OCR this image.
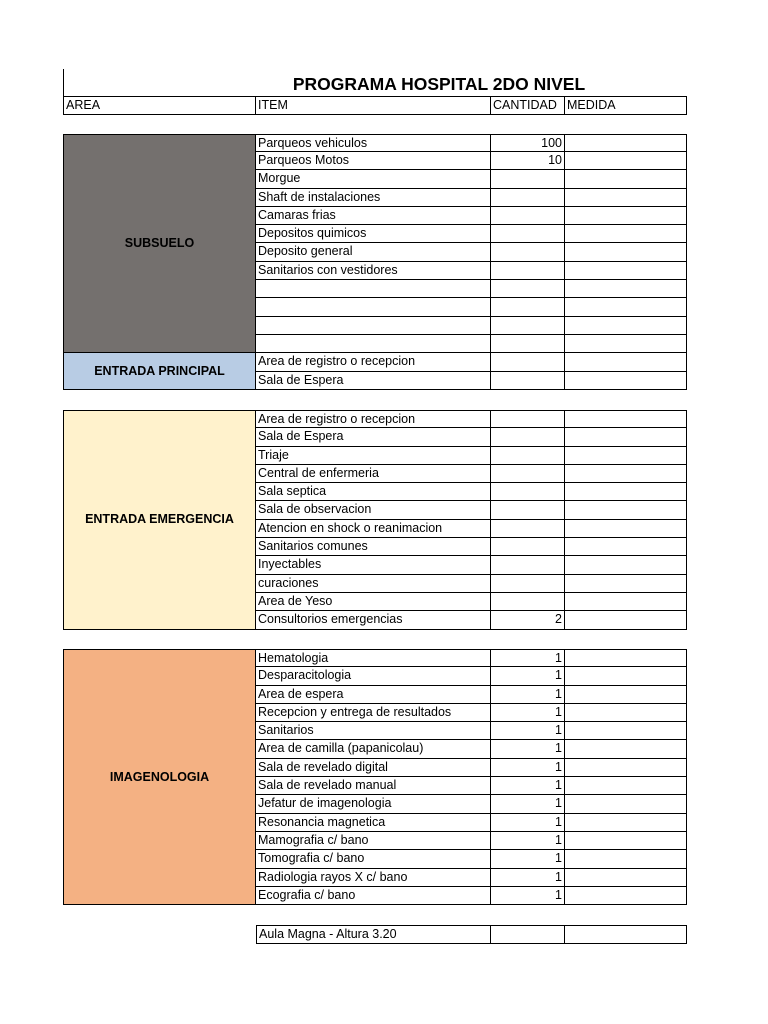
PROGRAMA HOSPITAL 2DO NIVEL
AREA	ITEM	CANTIDAD MEDIDA
SUBSUELO
Parqueos vehiculos	100
Parqueos Motos	10
Morgue
Shaft de instalaciones
Camaras frias
Depositos quimicos
Deposito general
Sanitarios con vestidores
ENTRADA PRINCIPAL
Area de registro o recepcion
Sala de Espera
ENTRADA EMERGENCIA
Area de registro o recepcion
Sala de Espera
Triaje
Central de enfermeria
Sala septica
Sala de observacion
Atencion en shock o reanimacion
Sanitarios comunes
Inyectables
curaciones
Area de Yeso
Consultorios emergencias	2
IMAGENOLOGIA
Hematologia	1
Desparacitologia	1
Area de espera	1
Recepcion y entrega de resultados	1
Sanitarios	1
Area de camilla (papanicolau)	1
Sala de revelado digital	1
Sala de revelado manual	1
Jefatur de imagenologia	1
Resonancia magnetica	1
Mamografia c/ bano	1
Tomografia c/ bano	1
Radiologia rayos X c/ bano	1
Ecografia c/ bano	1
Aula Magna - Altura 3.20
